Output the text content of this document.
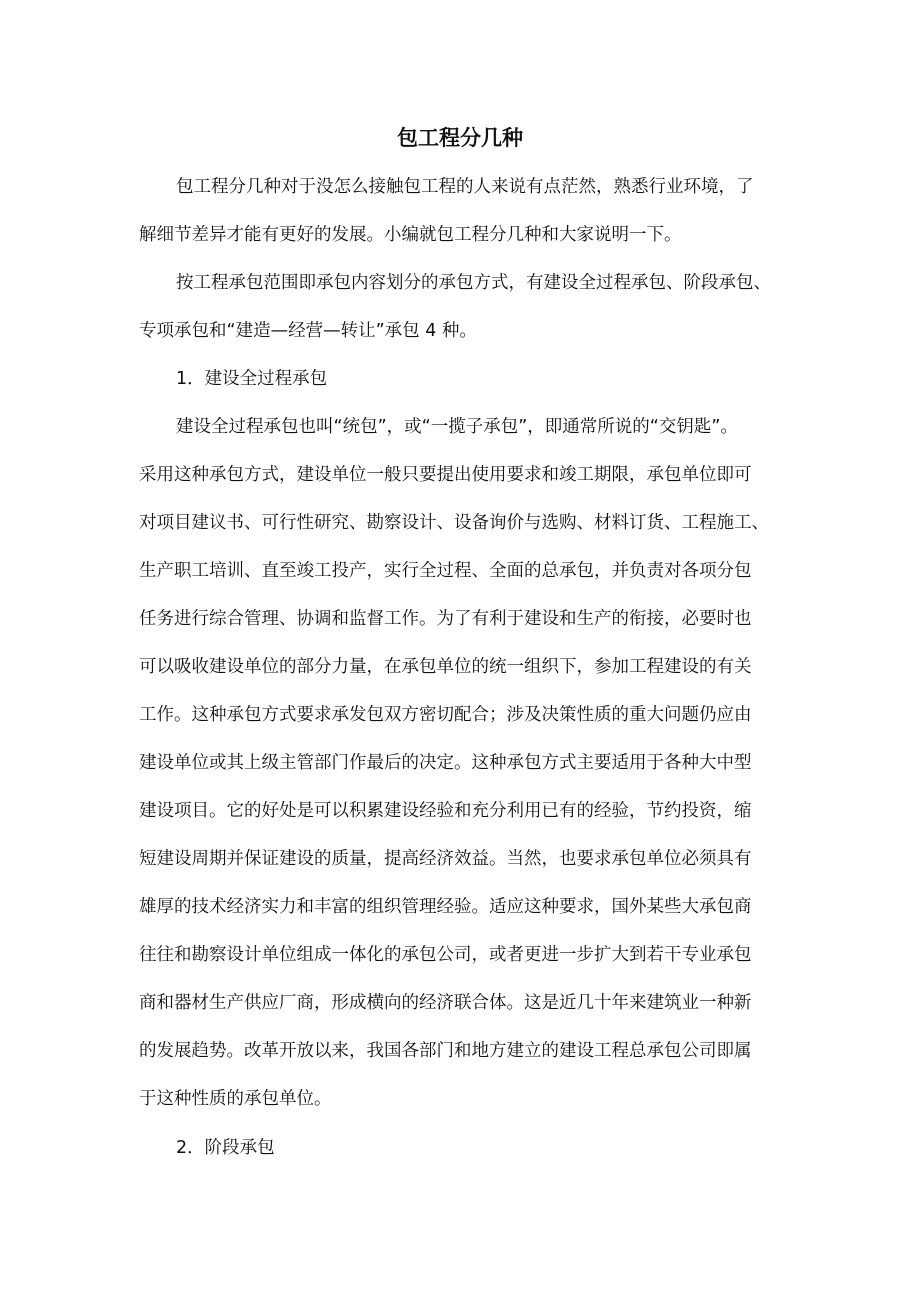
包工程分几种
包工程分几种对于没怎么接触包工程的人来说有点茫然，熟悉行业环境，了
解细节差异才能有更好的发展。小编就包工程分几种和大家说明一下。
按工程承包范围即承包内容划分的承包方式，有建设全过程承包、阶段承包、
专项承包和“建造—经营—转让”承包 4 种。
1．建设全过程承包
建设全过程承包也叫“统包”，或“一揽子承包”，即通常所说的“交钥匙”。
采用这种承包方式，建设单位一般只要提出使用要求和竣工期限，承包单位即可
对项目建议书、可行性研究、勘察设计、设备询价与选购、材料订货、工程施工、
生产职工培训、直至竣工投产，实行全过程、全面的总承包，并负责对各项分包
任务进行综合管理、协调和监督工作。为了有利于建设和生产的衔接，必要时也
可以吸收建设单位的部分力量，在承包单位的统一组织下，参加工程建设的有关
工作。这种承包方式要求承发包双方密切配合；涉及决策性质的重大问题仍应由
建设单位或其上级主管部门作最后的决定。这种承包方式主要适用于各种大中型
建设项目。它的好处是可以积累建设经验和充分利用已有的经验，节约投资，缩
短建设周期并保证建设的质量，提高经济效益。当然，也要求承包单位必须具有
雄厚的技术经济实力和丰富的组织管理经验。适应这种要求，国外某些大承包商
往往和勘察设计单位组成一体化的承包公司，或者更进一步扩大到若干专业承包
商和器材生产供应厂商，形成横向的经济联合体。这是近几十年来建筑业一种新
的发展趋势。改革开放以来，我国各部门和地方建立的建设工程总承包公司即属
于这种性质的承包单位。
2．阶段承包
